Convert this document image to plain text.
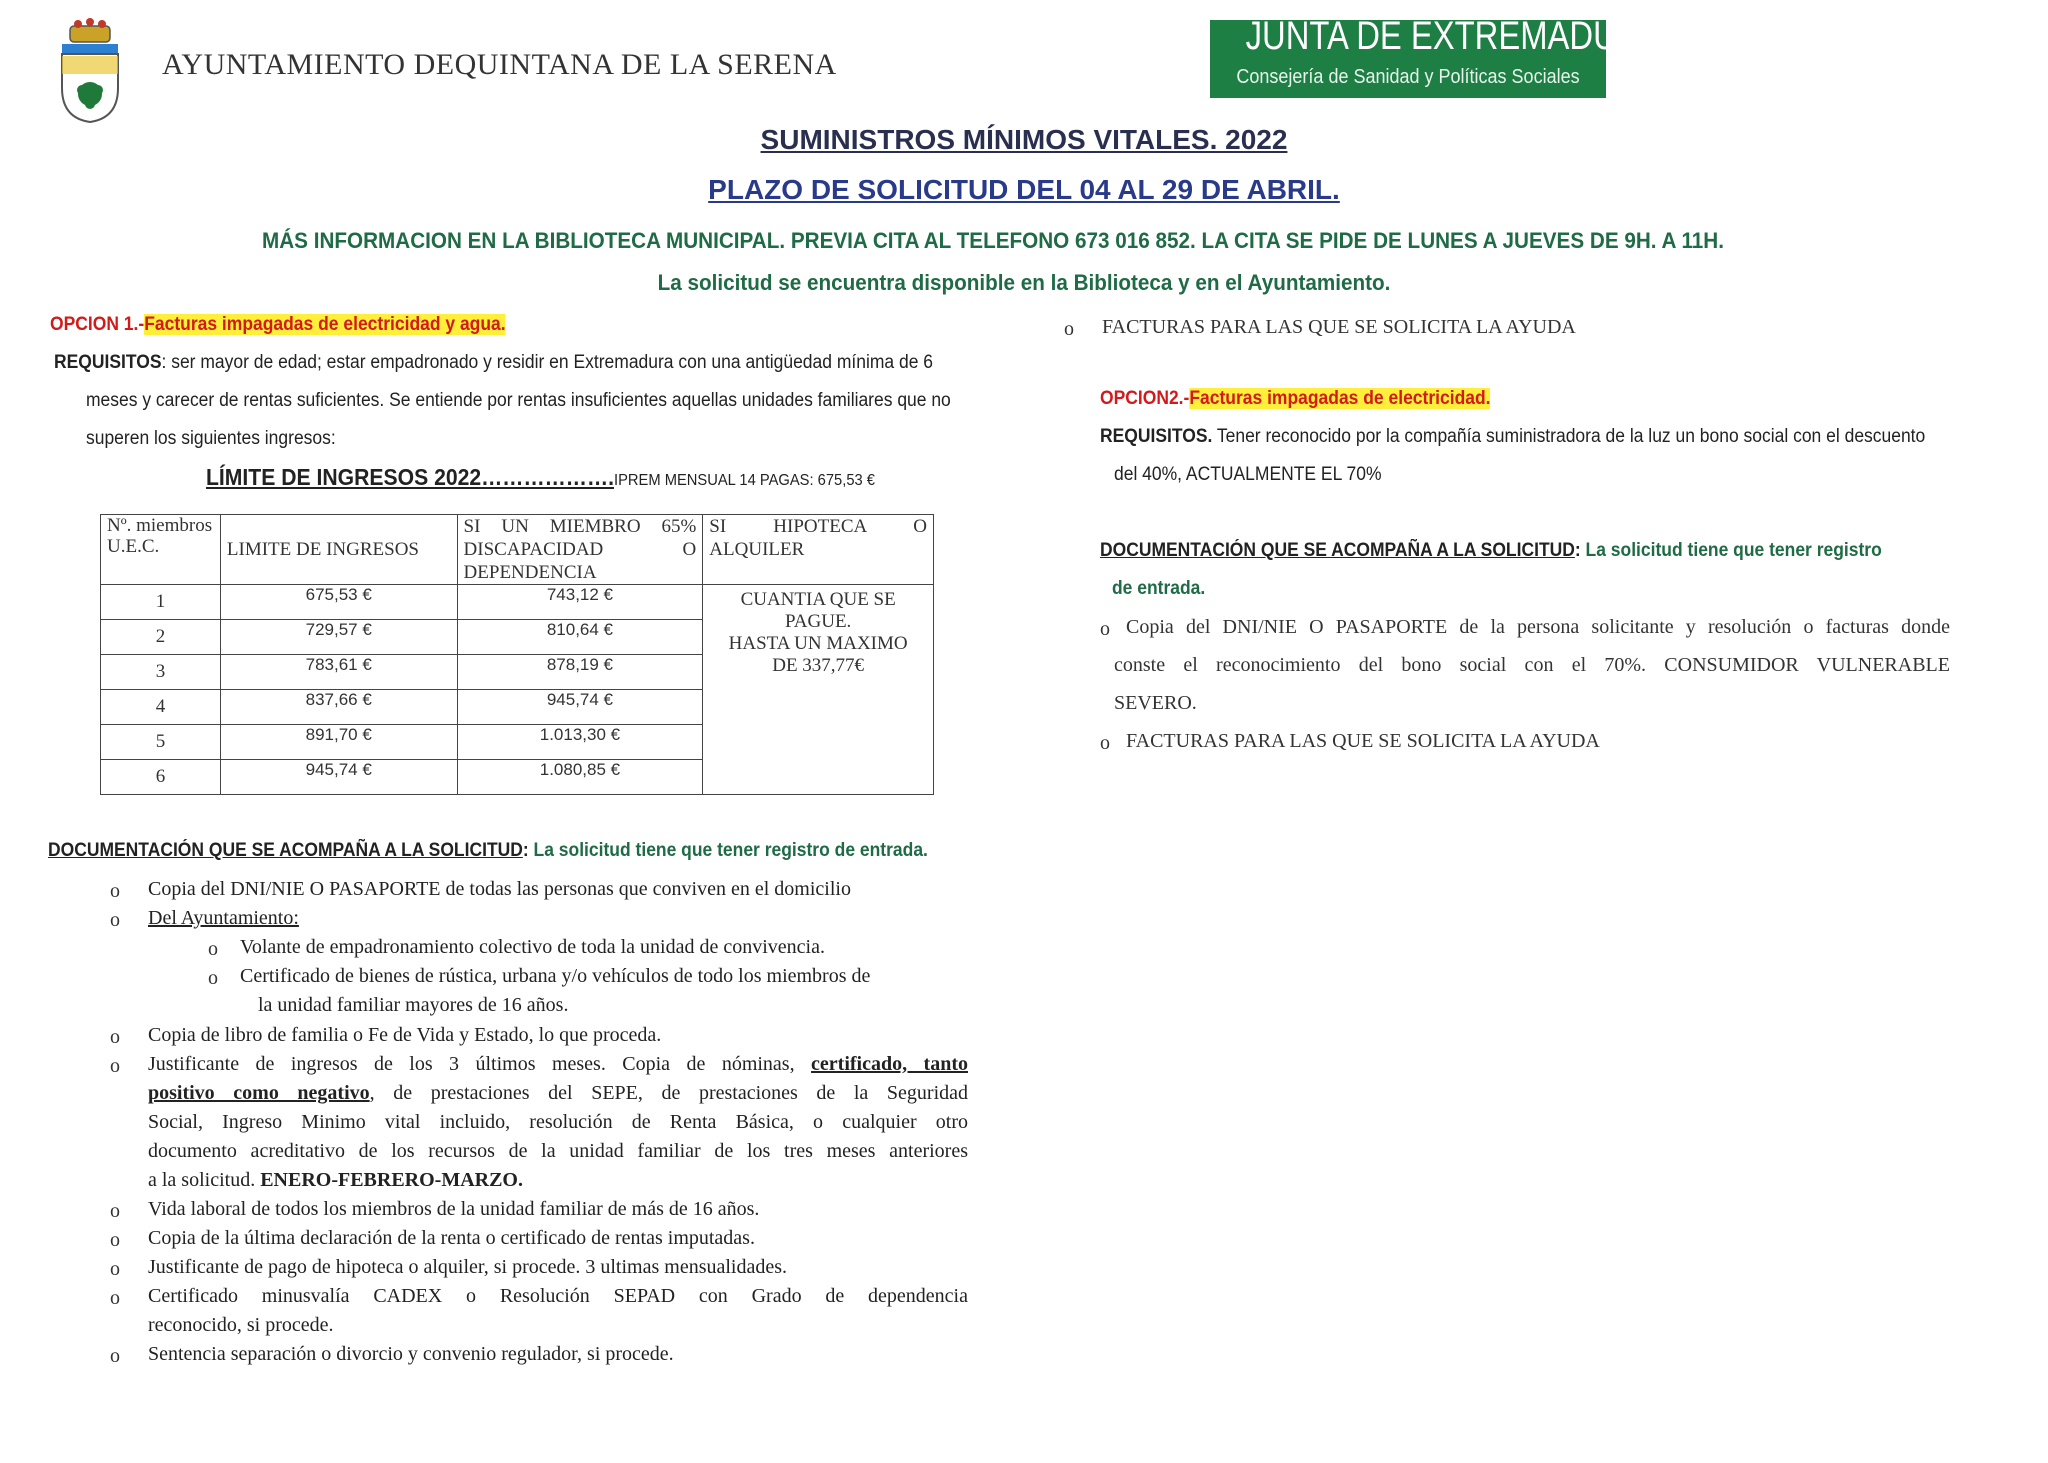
AYUNTAMIENTO DEQUINTANA DE LA SERENA
JUNTA DE EXTREMADURA
Consejería de Sanidad y Políticas Sociales
SUMINISTROS MÍNIMOS VITALES. 2022
PLAZO DE SOLICITUD DEL 04 AL 29 DE ABRIL.
MÁS INFORMACION EN LA BIBLIOTECA MUNICIPAL. PREVIA CITA AL TELEFONO 673 016 852. LA CITA SE PIDE DE LUNES A JUEVES DE 9H. A 11H.
La solicitud se encuentra disponible en la Biblioteca y en el Ayuntamiento.
OPCION 1.-Facturas impagadas de electricidad y agua.
REQUISITOS: ser mayor de edad; estar empadronado y residir en Extremadura con una antigüedad mínima de 6
meses y carecer de rentas suficientes. Se entiende por rentas insuficientes aquellas unidades familiares que no
superen los siguientes ingresos:
LÍMITE DE INGRESOS 2022……………….IPREM MENSUAL 14 PAGAS: 675,53 €
Nº. miembros U.E.C.	LIMITE DE INGRESOS	SI UN MIEMBRO 65% DISCAPACIDAD O DEPENDENCIA	SI HIPOTECA O ALQUILER
1	675,53 €	743,12 €	CUANTIA QUE SE
PAGUE.
HASTA UN MAXIMO
DE 337,77€

2	729,57 €	810,64 €	
3	783,61 €	878,19 €	
4	837,66 €	945,74 €	
5	891,70 €	1.013,30 €	
6	945,74 €	1.080,85 €	
DOCUMENTACIÓN QUE SE ACOMPAÑA A LA SOLICITUD: La solicitud tiene que tener registro de entrada.
o Copia del DNI/NIE O PASAPORTE de todas las personas que conviven en el domicilio
o Del Ayuntamiento:
o Volante de empadronamiento colectivo de toda la unidad de convivencia.
o Certificado de bienes de rústica, urbana y/o vehículos de todo los miembros de
la unidad familiar mayores de 16 años.
o Copia de libro de familia o Fe de Vida y Estado, lo que proceda.
o Justificante de ingresos de los 3 últimos meses. Copia de nóminas, certificado, tanto
positivo como negativo, de prestaciones del SEPE, de prestaciones de la Seguridad
Social, Ingreso Minimo vital incluido, resolución de Renta Básica, o cualquier otro
documento acreditativo de los recursos de la unidad familiar de los tres meses anteriores
a la solicitud. ENERO-FEBRERO-MARZO.
o Vida laboral de todos los miembros de la unidad familiar de más de 16 años.
o Copia de la última declaración de la renta o certificado de rentas imputadas.
o Justificante de pago de hipoteca o alquiler, si procede. 3 ultimas mensualidades.
o Certificado minusvalía CADEX o Resolución SEPAD con Grado de dependencia
reconocido, si procede.
o Sentencia separación o divorcio y convenio regulador, si procede.
o FACTURAS PARA LAS QUE SE SOLICITA LA AYUDA
OPCION2.-Facturas impagadas de electricidad.
REQUISITOS. Tener reconocido por la compañía suministradora de la luz un bono social con el descuento
del 40%, ACTUALMENTE EL 70%
DOCUMENTACIÓN QUE SE ACOMPAÑA A LA SOLICITUD: La solicitud tiene que tener registro
de entrada.
o Copia del DNI/NIE O PASAPORTE de la persona solicitante y resolución o facturas donde
conste el reconocimiento del bono social con el 70%. CONSUMIDOR VULNERABLE
SEVERO.
o FACTURAS PARA LAS QUE SE SOLICITA LA AYUDA
